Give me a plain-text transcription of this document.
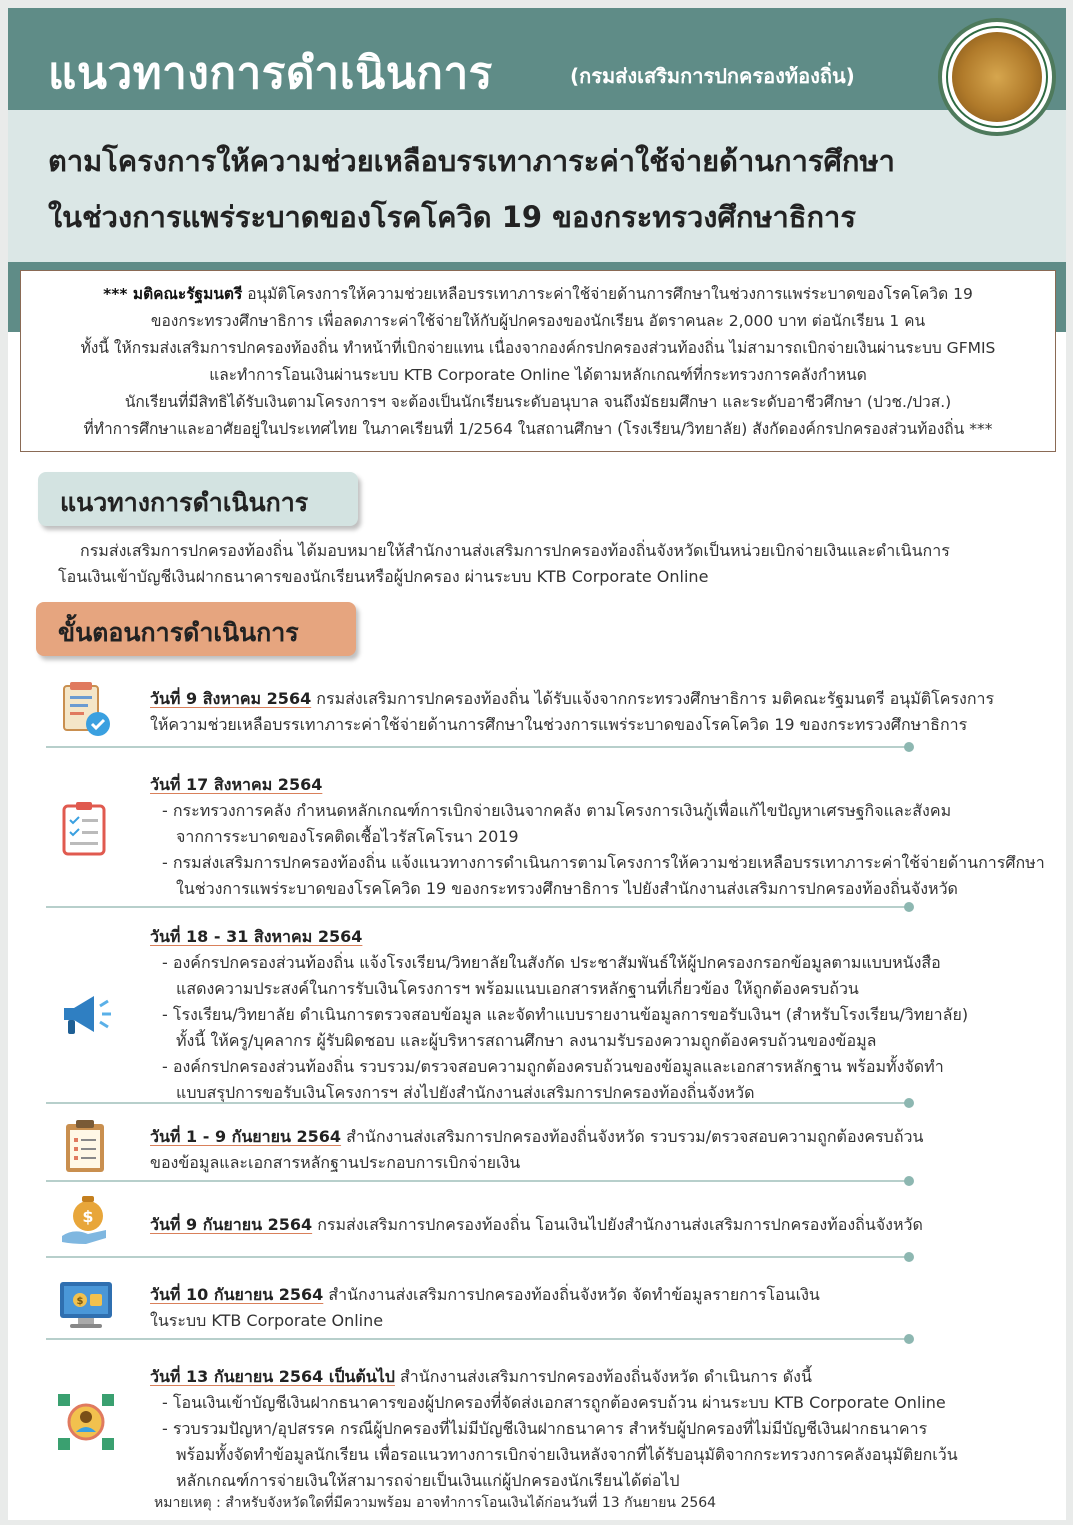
แนวทางการดำเนินการ	(กรมส่งเสริมการปกครองท้องถิ่น)
ตามโครงการให้ความช่วยเหลือบรรเทาภาระค่าใช้จ่ายด้านการศึกษา
ในช่วงการแพร่ระบาดของโรคโควิด 19 ของกระทรวงศึกษาธิการ
*** มติคณะรัฐมนตรี อนุมัติโครงการให้ความช่วยเหลือบรรเทาภาระค่าใช้จ่ายด้านการศึกษาในช่วงการแพร่ระบาดของโรคโควิด 19
ของกระทรวงศึกษาธิการ เพื่อลดภาระค่าใช้จ่ายให้กับผู้ปกครองของนักเรียน อัตราคนละ 2,000 บาท ต่อนักเรียน 1 คน
ทั้งนี้ ให้กรมส่งเสริมการปกครองท้องถิ่น ทำหน้าที่เบิกจ่ายแทน เนื่องจากองค์กรปกครองส่วนท้องถิ่น ไม่สามารถเบิกจ่ายเงินผ่านระบบ GFMIS
และทำการโอนเงินผ่านระบบ KTB Corporate Online ได้ตามหลักเกณฑ์ที่กระทรวงการคลังกำหนด
นักเรียนที่มีสิทธิได้รับเงินตามโครงการฯ จะต้องเป็นนักเรียนระดับอนุบาล จนถึงมัธยมศึกษา และระดับอาชีวศึกษา (ปวช./ปวส.)
ที่ทำการศึกษาและอาศัยอยู่ในประเทศไทย ในภาคเรียนที่ 1/2564 ในสถานศึกษา (โรงเรียน/วิทยาลัย) สังกัดองค์กรปกครองส่วนท้องถิ่น ***
แนวทางการดำเนินการ
กรมส่งเสริมการปกครองท้องถิ่น ได้มอบหมายให้สำนักงานส่งเสริมการปกครองท้องถิ่นจังหวัดเป็นหน่วยเบิกจ่ายเงินและดำเนินการ
โอนเงินเข้าบัญชีเงินฝากธนาคารของนักเรียนหรือผู้ปกครอง ผ่านระบบ KTB Corporate Online
ขั้นตอนการดำเนินการ
วันที่ 9 สิงหาคม 2564 กรมส่งเสริมการปกครองท้องถิ่น ได้รับแจ้งจากกระทรวงศึกษาธิการ มติคณะรัฐมนตรี อนุมัติโครงการ
ให้ความช่วยเหลือบรรเทาภาระค่าใช้จ่ายด้านการศึกษาในช่วงการแพร่ระบาดของโรคโควิด 19 ของกระทรวงศึกษาธิการ
วันที่ 17 สิงหาคม 2564
- กระทรวงการคลัง กำหนดหลักเกณฑ์การเบิกจ่ายเงินจากคลัง ตามโครงการเงินกู้เพื่อแก้ไขปัญหาเศรษฐกิจและสังคม
จากการระบาดของโรคติดเชื้อไวรัสโคโรนา 2019
- กรมส่งเสริมการปกครองท้องถิ่น แจ้งแนวทางการดำเนินการตามโครงการให้ความช่วยเหลือบรรเทาภาระค่าใช้จ่ายด้านการศึกษา
ในช่วงการแพร่ระบาดของโรคโควิด 19 ของกระทรวงศึกษาธิการ ไปยังสำนักงานส่งเสริมการปกครองท้องถิ่นจังหวัด
วันที่ 18 - 31 สิงหาคม 2564
- องค์กรปกครองส่วนท้องถิ่น แจ้งโรงเรียน/วิทยาลัยในสังกัด ประชาสัมพันธ์ให้ผู้ปกครองกรอกข้อมูลตามแบบหนังสือ
แสดงความประสงค์ในการรับเงินโครงการฯ พร้อมแนบเอกสารหลักฐานที่เกี่ยวข้อง ให้ถูกต้องครบถ้วน
- โรงเรียน/วิทยาลัย ดำเนินการตรวจสอบข้อมูล และจัดทำแบบรายงานข้อมูลการขอรับเงินฯ (สำหรับโรงเรียน/วิทยาลัย)
ทั้งนี้ ให้ครู/บุคลากร ผู้รับผิดชอบ และผู้บริหารสถานศึกษา ลงนามรับรองความถูกต้องครบถ้วนของข้อมูล
- องค์กรปกครองส่วนท้องถิ่น รวบรวม/ตรวจสอบความถูกต้องครบถ้วนของข้อมูลและเอกสารหลักฐาน พร้อมทั้งจัดทำ
แบบสรุปการขอรับเงินโครงการฯ ส่งไปยังสำนักงานส่งเสริมการปกครองท้องถิ่นจังหวัด
วันที่ 1 - 9 กันยายน 2564 สำนักงานส่งเสริมการปกครองท้องถิ่นจังหวัด รวบรวม/ตรวจสอบความถูกต้องครบถ้วน
ของข้อมูลและเอกสารหลักฐานประกอบการเบิกจ่ายเงิน
$	วันที่ 9 กันยายน 2564 กรมส่งเสริมการปกครองท้องถิ่น โอนเงินไปยังสำนักงานส่งเสริมการปกครองท้องถิ่นจังหวัด
$	วันที่ 10 กันยายน 2564 สำนักงานส่งเสริมการปกครองท้องถิ่นจังหวัด จัดทำข้อมูลรายการโอนเงิน
ในระบบ KTB Corporate Online
วันที่ 13 กันยายน 2564 เป็นต้นไป สำนักงานส่งเสริมการปกครองท้องถิ่นจังหวัด ดำเนินการ ดังนี้
- โอนเงินเข้าบัญชีเงินฝากธนาคารของผู้ปกครองที่จัดส่งเอกสารถูกต้องครบถ้วน ผ่านระบบ KTB Corporate Online
- รวบรวมปัญหา/อุปสรรค กรณีผู้ปกครองที่ไม่มีบัญชีเงินฝากธนาคาร สำหรับผู้ปกครองที่ไม่มีบัญชีเงินฝากธนาคาร
พร้อมทั้งจัดทำข้อมูลนักเรียน เพื่อรอแนวทางการเบิกจ่ายเงินหลังจากที่ได้รับอนุมัติจากกระทรวงการคลังอนุมัติยกเว้น
หลักเกณฑ์การจ่ายเงินให้สามารถจ่ายเป็นเงินแก่ผู้ปกครองนักเรียนได้ต่อไป
หมายเหตุ : สำหรับจังหวัดใดที่มีความพร้อม อาจทำการโอนเงินได้ก่อนวันที่ 13 กันยายน 2564
